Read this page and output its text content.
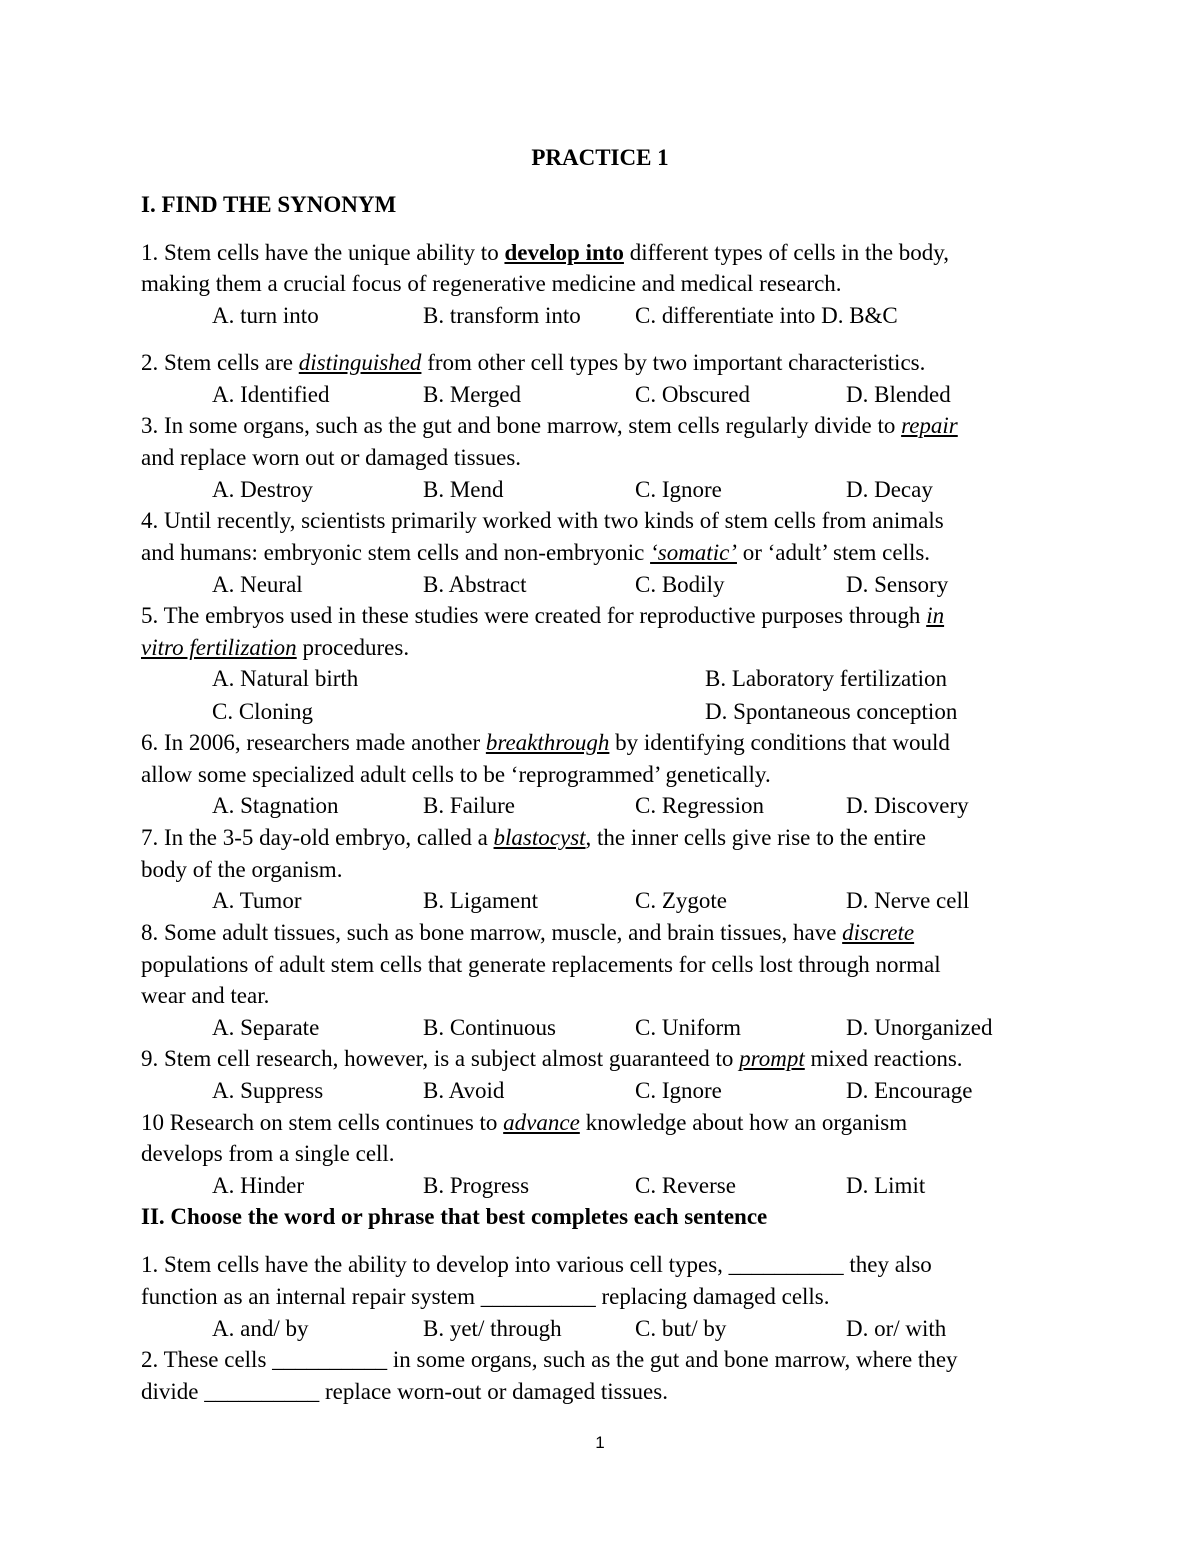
PRACTICE 1
I. FIND THE SYNONYM
1. Stem cells have the unique ability to develop into different types of cells in the body,
making them a crucial focus of regenerative medicine and medical research.
A. turn into	B. transform into C. differentiate into D. B&C
2. Stem cells are distinguished from other cell types by two important characteristics.
A. Identified	B. Merged	C. Obscured	D. Blended
3. In some organs, such as the gut and bone marrow, stem cells regularly divide to repair
and replace worn out or damaged tissues.
A. Destroy	B. Mend	C. Ignore	D. Decay
4. Until recently, scientists primarily worked with two kinds of stem cells from animals
and humans: embryonic stem cells and non-embryonic ‘somatic’ or ‘adult’ stem cells.
A. Neural	B. Abstract	C. Bodily	D. Sensory
5. The embryos used in these studies were created for reproductive purposes through in
vitro fertilization procedures.
A. Natural birth	B. Laboratory fertilization
C. Cloning	D. Spontaneous conception
6. In 2006, researchers made another breakthrough by identifying conditions that would
allow some specialized adult cells to be ‘reprogrammed’ genetically.
A. Stagnation	B. Failure	C. Regression	D. Discovery
7. In the 3-5 day-old embryo, called a blastocyst, the inner cells give rise to the entire
body of the organism.
A. Tumor	B. Ligament	C. Zygote	D. Nerve cell
8. Some adult tissues, such as bone marrow, muscle, and brain tissues, have discrete
populations of adult stem cells that generate replacements for cells lost through normal
wear and tear.
A. Separate	B. Continuous	C. Uniform	D. Unorganized
9. Stem cell research, however, is a subject almost guaranteed to prompt mixed reactions.
A. Suppress	B. Avoid	C. Ignore	D. Encourage
10 Research on stem cells continues to advance knowledge about how an organism
develops from a single cell.
A. Hinder	B. Progress	C. Reverse	D. Limit
II. Choose the word or phrase that best completes each sentence
1. Stem cells have the ability to develop into various cell types, __________ they also
function as an internal repair system __________ replacing damaged cells.
A. and/ by	B. yet/ through	C. but/ by	D. or/ with
2. These cells __________ in some organs, such as the gut and bone marrow, where they
divide __________ replace worn-out or damaged tissues.
1
